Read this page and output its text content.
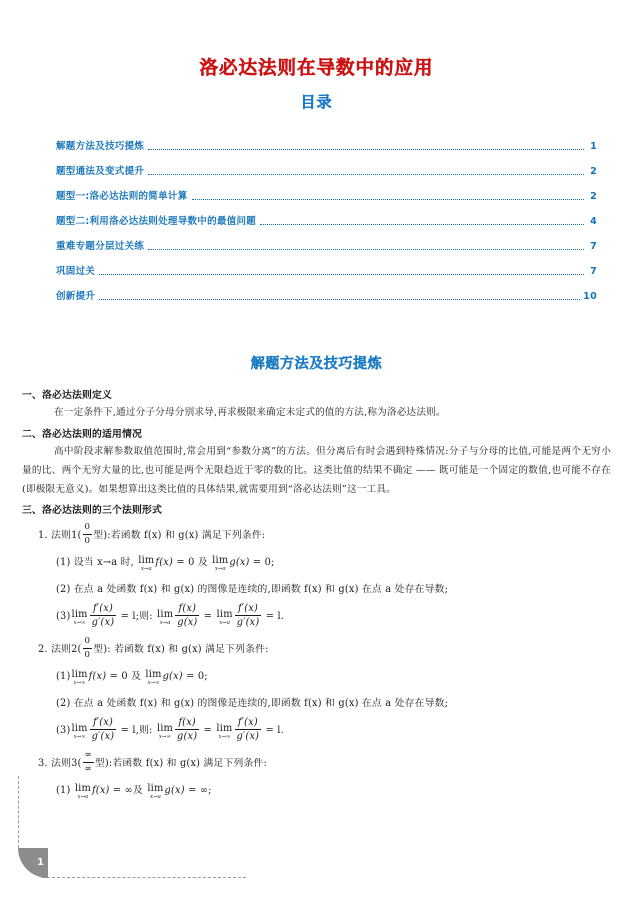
洛必达法则在导数中的应用
目录
解题方法及技巧提炼	1
题型通法及变式提升	2
题型一:洛必达法则的简单计算	2
题型二:利用洛必达法则处理导数中的最值问题	4
重难专题分层过关练	7
巩固过关	7
创新提升	10
解题方法及技巧提炼
一、洛必达法则定义

在一定条件下,通过分子分母分别求导,再求极限来确定未定式的值的方法,称为洛必达法则。

二、洛必达法则的适用情况

高中阶段求解参数取值范围时,常会用到“参数分离”的方法。但分离后有时会遇到特殊情况:分子与分母的比值,可能是两个无穷小量的比、两个无穷大量的比,也可能是两个无限趋近于零的数的比。这类比值的结果不确定 —— 既可能是一个固定的数值,也可能不存在(即极限无意义)。如果想算出这类比值的具体结果,就需要用到“洛必达法则”这一工具。

三、洛必达法则的三个法则形式
1. 法则$1( \frac{0}{0}$ 型):若函数 f(x) 和 g(x) 满足下列条件:
(1) 设当 x→a 时, lim
x→a
f(x) = 0 及 lim
x→a
g(x) = 0;
(2) 在点 a 处函数 f(x) 和 g(x) 的图像是连续的,即函数 f(x) 和 g(x) 在点 a 处存在导数;
(3) lim
$x\to\infty \frac{f'(x)}{g'(x)} = l$;则: lim
$x\to a \frac{f(x)}{g(x)} = \lim$
$x\to a \frac{f'(x)}{g'(x)} = l$.
2. 法则$2( \frac{0}{0}$ 型): 若函数 f(x) 和 g(x) 满足下列条件:
(1) lim
x→∞
f(x) = 0 及 lim
x→∞
g(x) = 0;
(2) 在点 a 处函数 f(x) 和 g(x) 的图像是连续的,即函数 f(x) 和 g(x) 在点 a 处存在导数;
(3) lim
$x\to\infty \frac{f'(x)}{g'(x)} = l$,则: lim
$x\to\infty \frac{f(x)}{g(x)} = \lim$
$x\to\infty \frac{f'(x)}{g'(x)} = l$.
3. 法则$3( \frac{\infty}{\infty}$ 型):若函数 f(x) 和 g(x) 满足下列条件:
(1) lim
x→a
f(x) = ∞及 lim
x→a
g(x) = ∞;
1
